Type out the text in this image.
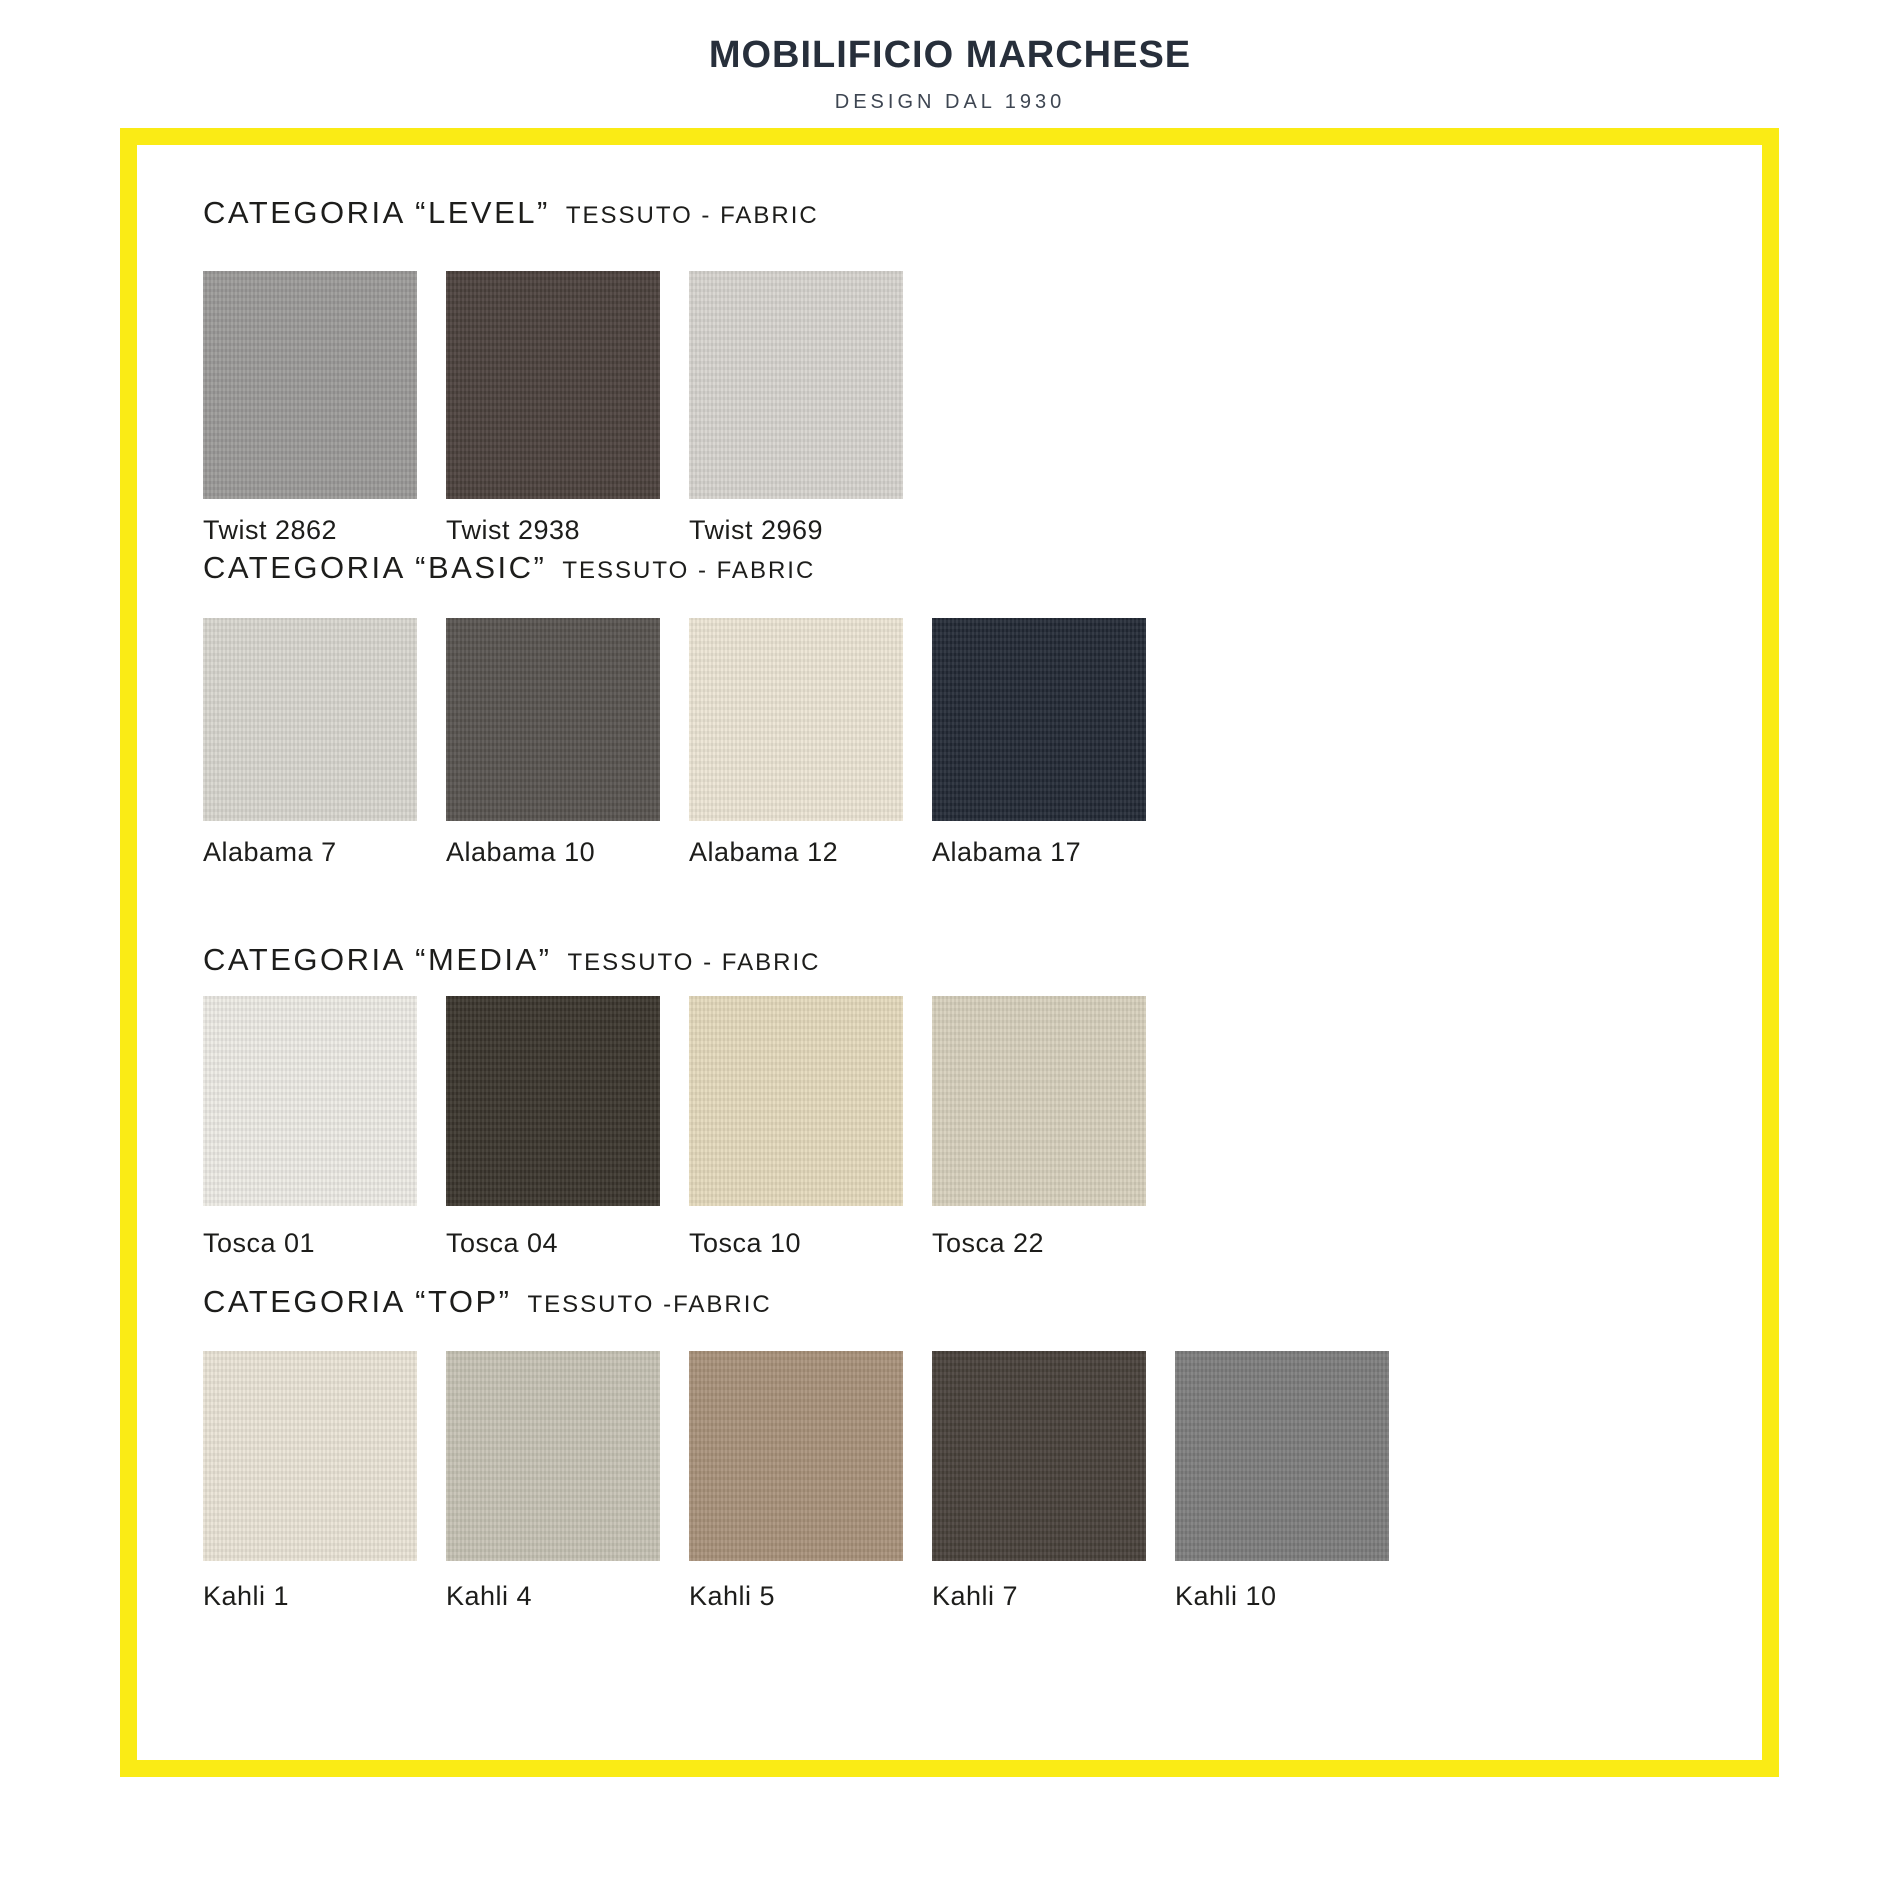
MOBILIFICIO MARCHESE
DESIGN DAL 1930
CATEGORIA “LEVEL” TESSUTO - FABRIC
Twist 2862	Twist 2938	Twist 2969
CATEGORIA “BASIC” TESSUTO - FABRIC
Alabama 7	Alabama 10	Alabama 12	Alabama 17
CATEGORIA “MEDIA” TESSUTO - FABRIC
Tosca 01	Tosca 04	Tosca 10	Tosca 22
CATEGORIA “TOP” TESSUTO -FABRIC
Kahli 1	Kahli 4	Kahli 5	Kahli 7	Kahli 10
